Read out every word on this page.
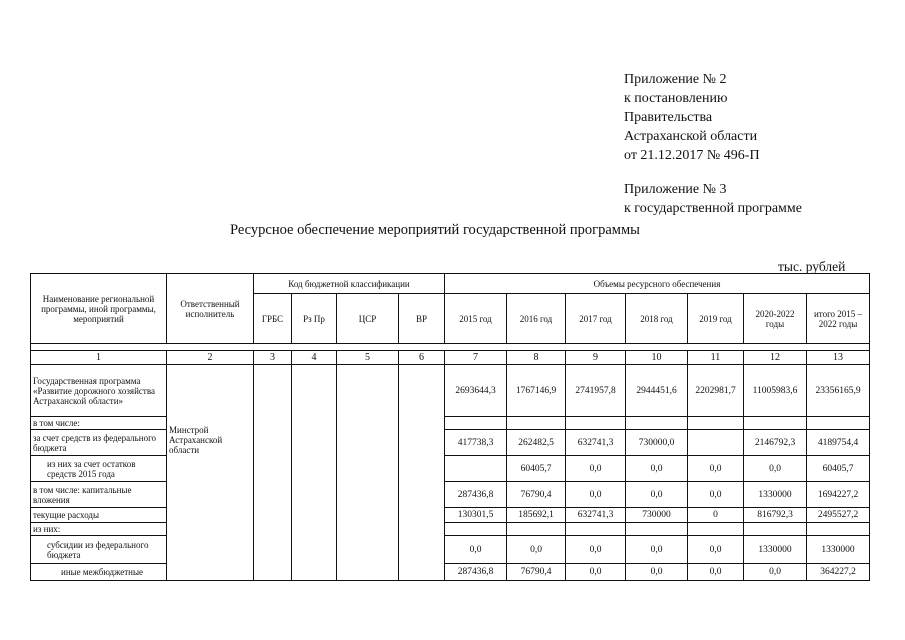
Приложение № 2
к постановлению
Правительства
Астраханской области
от 21.12.2017 № 496-П
Приложение № 3
к государственной программе
Ресурсное обеспечение мероприятий государственной программы
тыс. рублей
Наименование региональной программы, иной программы, мероприятий	Ответственный исполнитель	Код бюджетной классификации				Объемы ресурсного обеспечения						
		ГРБС	Рз Пр	ЦСР	ВР	2015 год	2016 год	2017 год	2018 год	2019 год	2020-2022 годы	итого 2015 – 2022 годы

1	2	3	4	5	6	7	8	9	10	11	12	13
Государственная программа «Развитие дорожного хозяйства Астраханской области»	Минстрой Астраханской области					2693644,3	1767146,9	2741957,8	2944451,6	2202981,7	11005983,6	23356165,9
в том числе:												
за счет средств из федерального бюджета						417738,3	262482,5	632741,3	730000,0		2146792,3	4189754,4
из них за счет остатков средств 2015 года							60405,7	0,0	0,0	0,0	0,0	60405,7
в том числе: капитальные вложения						287436,8	76790,4	0,0	0,0	0,0	1330000	1694227,2
текущие расходы						130301,5	185692,1	632741,3	730000	0	816792,3	2495527,2
из них:												
субсидии из федерального бюджета						0,0	0,0	0,0	0,0	0,0	1330000	1330000
иные межбюджетные						287436,8	76790,4	0,0	0,0	0,0	0,0	364227,2
